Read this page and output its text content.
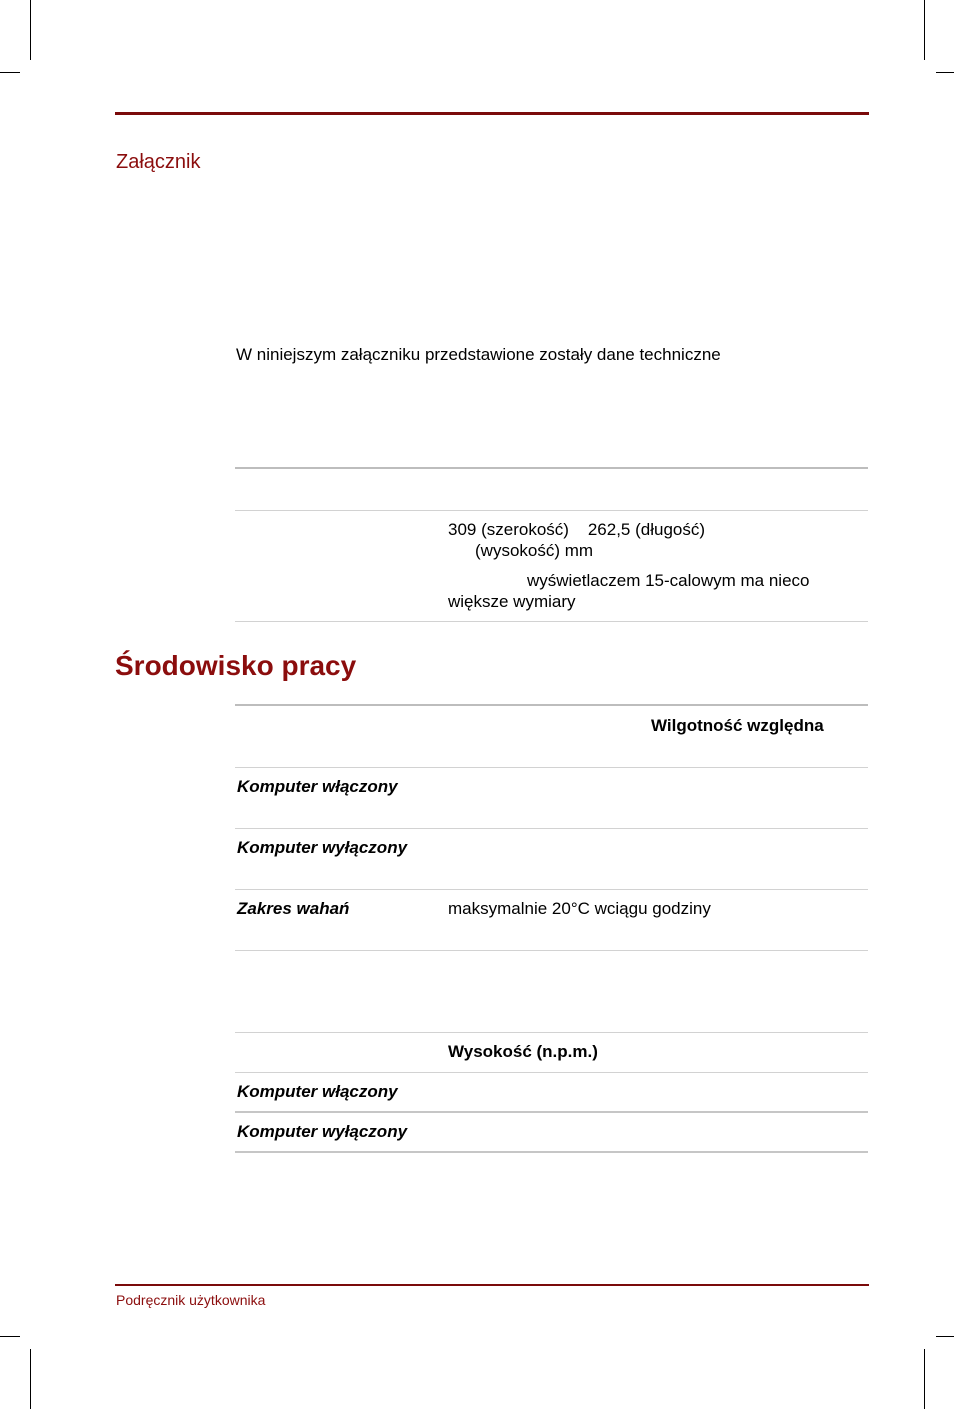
Załącznik
W niniejszym załączniku przedstawione zostały dane techniczne
309 (szerokość)    262,5 (długość)
(wysokość) mm
wyświetlaczem 15-calowym ma nieco
większe wymiary
Środowisko pracy
Wilgotność względna
Komputer włączony
Komputer wyłączony
Zakres wahań	maksymalnie 20°C wciągu godziny
Wysokość (n.p.m.)
Komputer włączony
Komputer wyłączony
Podręcznik użytkownika
